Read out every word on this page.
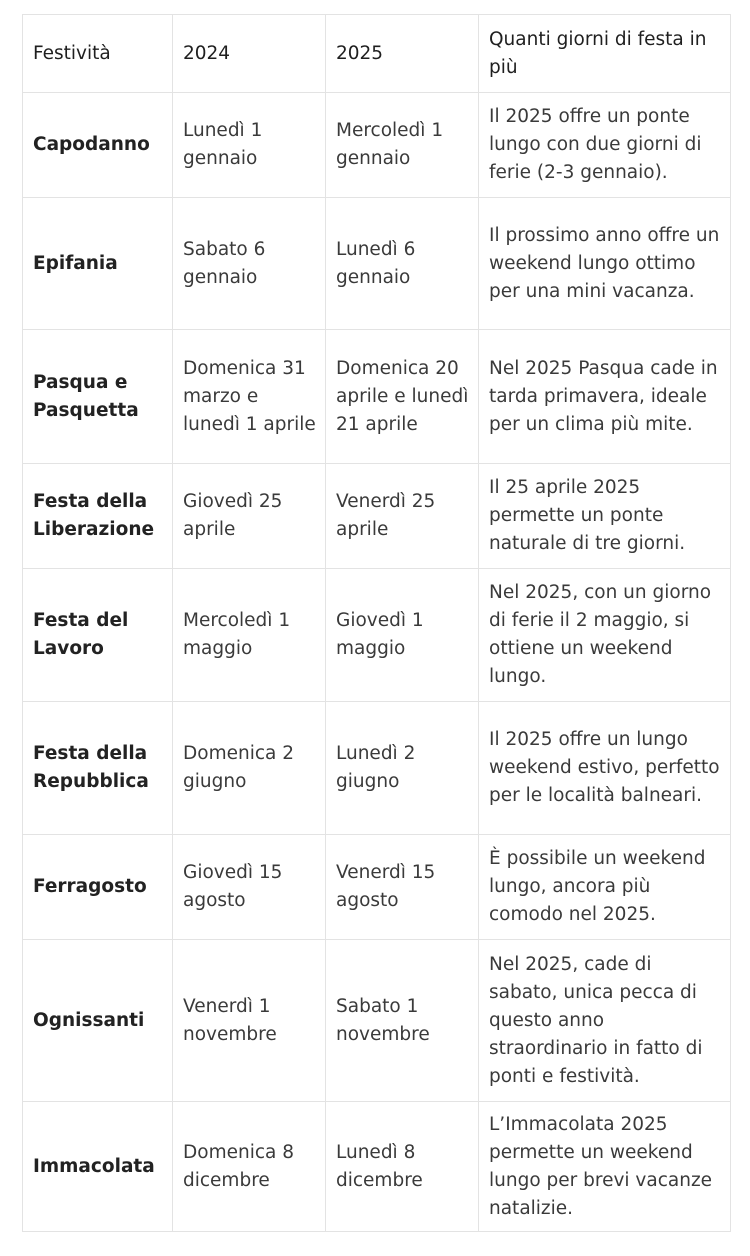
Festività	2024	2025	Quanti giorni di festa in più
Capodanno	Lunedì 1 gennaio	Mercoledì 1 gennaio	Il 2025 offre un ponte lungo con due giorni di ferie (2-3 gennaio).
Epifania	Sabato 6 gennaio	Lunedì 6 gennaio	Il prossimo anno offre un weekend lungo ottimo per una mini vacanza.
Pasqua e Pasquetta	Domenica 31 marzo e lunedì 1 aprile	Domenica 20 aprile e lunedì 21 aprile	Nel 2025 Pasqua cade in tarda primavera, ideale per un clima più mite.
Festa della Liberazione	Giovedì 25 aprile	Venerdì 25 aprile	Il 25 aprile 2025 permette un ponte naturale di tre giorni.
Festa del Lavoro	Mercoledì 1 maggio	Giovedì 1 maggio	Nel 2025, con un giorno di ferie il 2 maggio, si ottiene un weekend lungo.
Festa della Repubblica	Domenica 2 giugno	Lunedì 2 giugno	Il 2025 offre un lungo weekend estivo, perfetto per le località balneari.
Ferragosto	Giovedì 15 agosto	Venerdì 15 agosto	È possibile un weekend lungo, ancora più comodo nel 2025.
Ognissanti	Venerdì 1 novembre	Sabato 1 novembre	Nel 2025, cade di sabato, unica pecca di questo anno straordinario in fatto di ponti e festività.
Immacolata	Domenica 8 dicembre	Lunedì 8 dicembre	L’Immacolata 2025 permette un weekend lungo per brevi vacanze natalizie.
